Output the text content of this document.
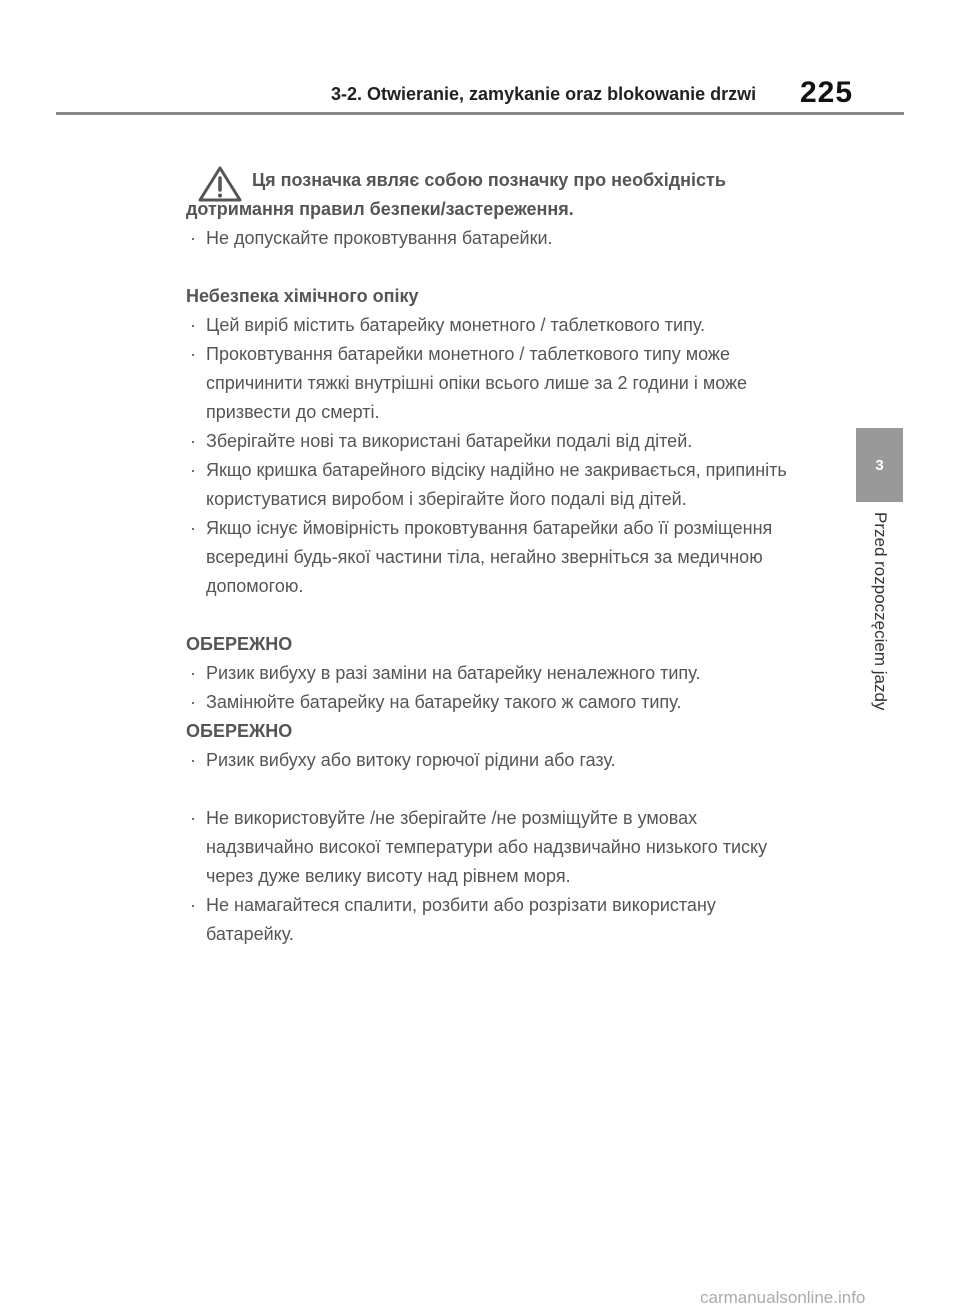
3-2. Otwieranie, zamykanie oraz blokowanie drzwi 225
3
Przed rozpoczęciem jazdy
Ця позначка являє собою позначку про необхідність
дотримання правил безпеки/застереження.
· Не допускайте проковтування батарейки.
Небезпека хімічного опіку
· Цей виріб містить батарейку монетного / таблеткового типу.
· Проковтування батарейки монетного / таблеткового типу може спричинити тяжкі внутрішні опіки всього лише за 2 години і може призвести до смерті.
· Зберігайте нові та використані батарейки подалі від дітей.
· Якщо кришка батарейного відсіку надійно не закривається, припиніть користуватися виробом і зберігайте його подалі від дітей.
· Якщо існує ймовірність проковтування батарейки або її розміщення всередині будь-якої частини тіла, негайно зверніться за медичною допомогою.
ОБЕРЕЖНО
· Ризик вибуху в разі заміни на батарейку неналежного типу.
· Замінюйте батарейку на батарейку такого ж самого типу.
ОБЕРЕЖНО
· Ризик вибуху або витоку горючої рідини або газу.
· Не використовуйте /не зберігайте /не розміщуйте в умовах надзвичайно високої температури або надзвичайно низького тиску через дуже велику висоту над рівнем моря.
· Не намагайтеся спалити, розбити або розрізати використану батарейку.
carmanualsonline.info
